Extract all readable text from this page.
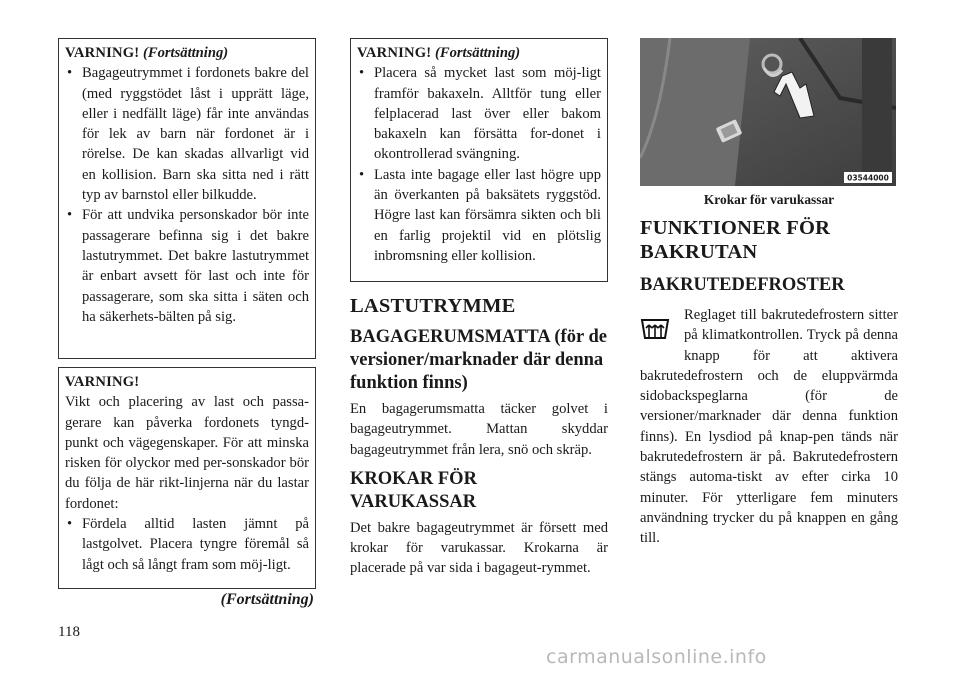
VARNING! (Fortsättning)
• Bagageutrymmet i fordonets bakre del (med ryggstödet låst i upprätt läge, eller i nedfällt läge) får inte användas för lek av barn när fordonet är i rörelse. De kan skadas allvarligt vid en kollision. Barn ska sitta ned i rätt typ av barnstol eller bilkudde.
• För att undvika personskador bör inte passagerare befinna sig i det bakre lastutrymmet. Det bakre lastutrymmet är enbart avsett för last och inte för passagerare, som ska sitta i säten och ha säkerhets-bälten på sig.
VARNING!
Vikt och placering av last och passa-gerare kan påverka fordonets tyngd-punkt och vägegenskaper. För att minska risken för olyckor med per-sonskador bör du följa de här rikt-linjerna när du lastar fordonet:
• Fördela alltid lasten jämnt på lastgolvet. Placera tyngre föremål så lågt och så långt fram som möj-ligt.
(Fortsättning)
VARNING! (Fortsättning)
• Placera så mycket last som möj-ligt framför bakaxeln. Alltför tung eller felplacerad last över eller bakom bakaxeln kan försätta for-donet i okontrollerad svängning.
• Lasta inte bagage eller last högre upp än överkanten på baksätets ryggstöd. Högre last kan försämra sikten och bli en farlig projektil vid en plötslig inbromsning eller kollision.
LASTUTRYMME
BAGAGERUMSMATTA (för de versioner/marknader där denna funktion finns)

En bagagerumsmatta täcker golvet i bagageutrymmet. Mattan skyddar bagageutrymmet från lera, snö och skräp.

KROKAR FÖR VARUKASSAR

Det bakre bagageutrymmet är försett med krokar för varukassar. Krokarna är placerade på var sida i bagageut-rymmet.

03544000
Krokar för varukassar
FUNKTIONER FÖR BAKRUTAN
BAKRUTEDEFROSTER

Reglaget till bakrutedefrostern sitter på klimatkontrollen. Tryck på denna knapp för att aktivera bakrutedefrostern och de eluppvärmda sidobackspeglarna (för de versioner/marknader där denna funktion finns). En lysdiod på knap-pen tänds när bakrutedefrostern är på. Bakrutedefrostern stängs automa-tiskt av efter cirka 10 minuter. För ytterligare fem minuters användning trycker du på knappen en gång till.

118
carmanualsonline.info
